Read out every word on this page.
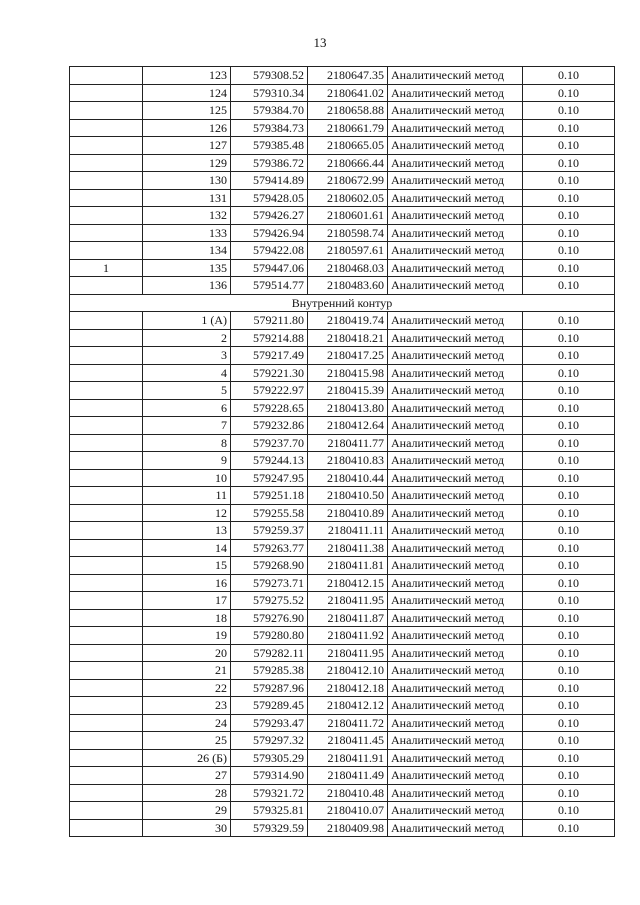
13
	123	579308.52	2180647.35	Аналитический метод	0.10
	124	579310.34	2180641.02	Аналитический метод	0.10
	125	579384.70	2180658.88	Аналитический метод	0.10
	126	579384.73	2180661.79	Аналитический метод	0.10
	127	579385.48	2180665.05	Аналитический метод	0.10
	129	579386.72	2180666.44	Аналитический метод	0.10
	130	579414.89	2180672.99	Аналитический метод	0.10
	131	579428.05	2180602.05	Аналитический метод	0.10
	132	579426.27	2180601.61	Аналитический метод	0.10
	133	579426.94	2180598.74	Аналитический метод	0.10
	134	579422.08	2180597.61	Аналитический метод	0.10
1	135	579447.06	2180468.03	Аналитический метод	0.10
	136	579514.77	2180483.60	Аналитический метод	0.10
Внутренний контур					
	1 (А)	579211.80	2180419.74	Аналитический метод	0.10
	2	579214.88	2180418.21	Аналитический метод	0.10
	3	579217.49	2180417.25	Аналитический метод	0.10
	4	579221.30	2180415.98	Аналитический метод	0.10
	5	579222.97	2180415.39	Аналитический метод	0.10
	6	579228.65	2180413.80	Аналитический метод	0.10
	7	579232.86	2180412.64	Аналитический метод	0.10
	8	579237.70	2180411.77	Аналитический метод	0.10
	9	579244.13	2180410.83	Аналитический метод	0.10
	10	579247.95	2180410.44	Аналитический метод	0.10
	11	579251.18	2180410.50	Аналитический метод	0.10
	12	579255.58	2180410.89	Аналитический метод	0.10
	13	579259.37	2180411.11	Аналитический метод	0.10
	14	579263.77	2180411.38	Аналитический метод	0.10
	15	579268.90	2180411.81	Аналитический метод	0.10
	16	579273.71	2180412.15	Аналитический метод	0.10
	17	579275.52	2180411.95	Аналитический метод	0.10
	18	579276.90	2180411.87	Аналитический метод	0.10
	19	579280.80	2180411.92	Аналитический метод	0.10
	20	579282.11	2180411.95	Аналитический метод	0.10
	21	579285.38	2180412.10	Аналитический метод	0.10
	22	579287.96	2180412.18	Аналитический метод	0.10
	23	579289.45	2180412.12	Аналитический метод	0.10
	24	579293.47	2180411.72	Аналитический метод	0.10
	25	579297.32	2180411.45	Аналитический метод	0.10
	26 (Б)	579305.29	2180411.91	Аналитический метод	0.10
	27	579314.90	2180411.49	Аналитический метод	0.10
	28	579321.72	2180410.48	Аналитический метод	0.10
	29	579325.81	2180410.07	Аналитический метод	0.10
	30	579329.59	2180409.98	Аналитический метод	0.10
